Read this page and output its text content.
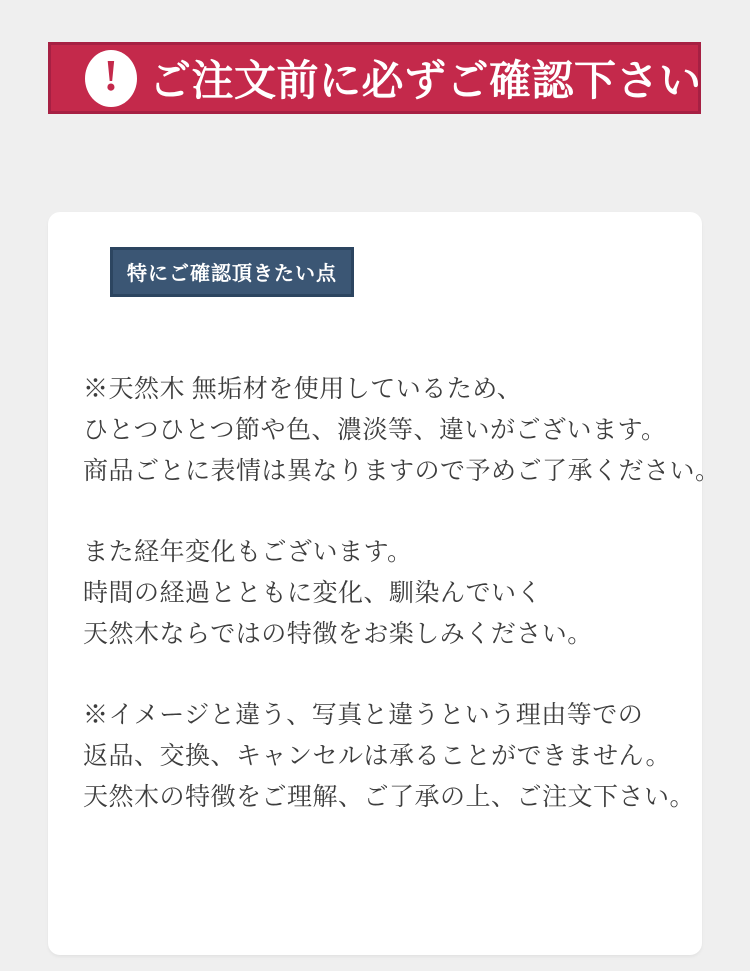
! ご注文前に必ずご確認下さい
特にご確認頂きたい点

※天然木 無垢材を使用しているため、
ひとつひとつ節や色、濃淡等、違いがございます。
商品ごとに表情は異なりますので予めご了承ください。

また経年変化もございます。
時間の経過とともに変化、馴染んでいく
天然木ならではの特徴をお楽しみください。

※イメージと違う、写真と違うという理由等での
返品、交換、キャンセルは承ることができません。
天然木の特徴をご理解、ご了承の上、ご注文下さい。
